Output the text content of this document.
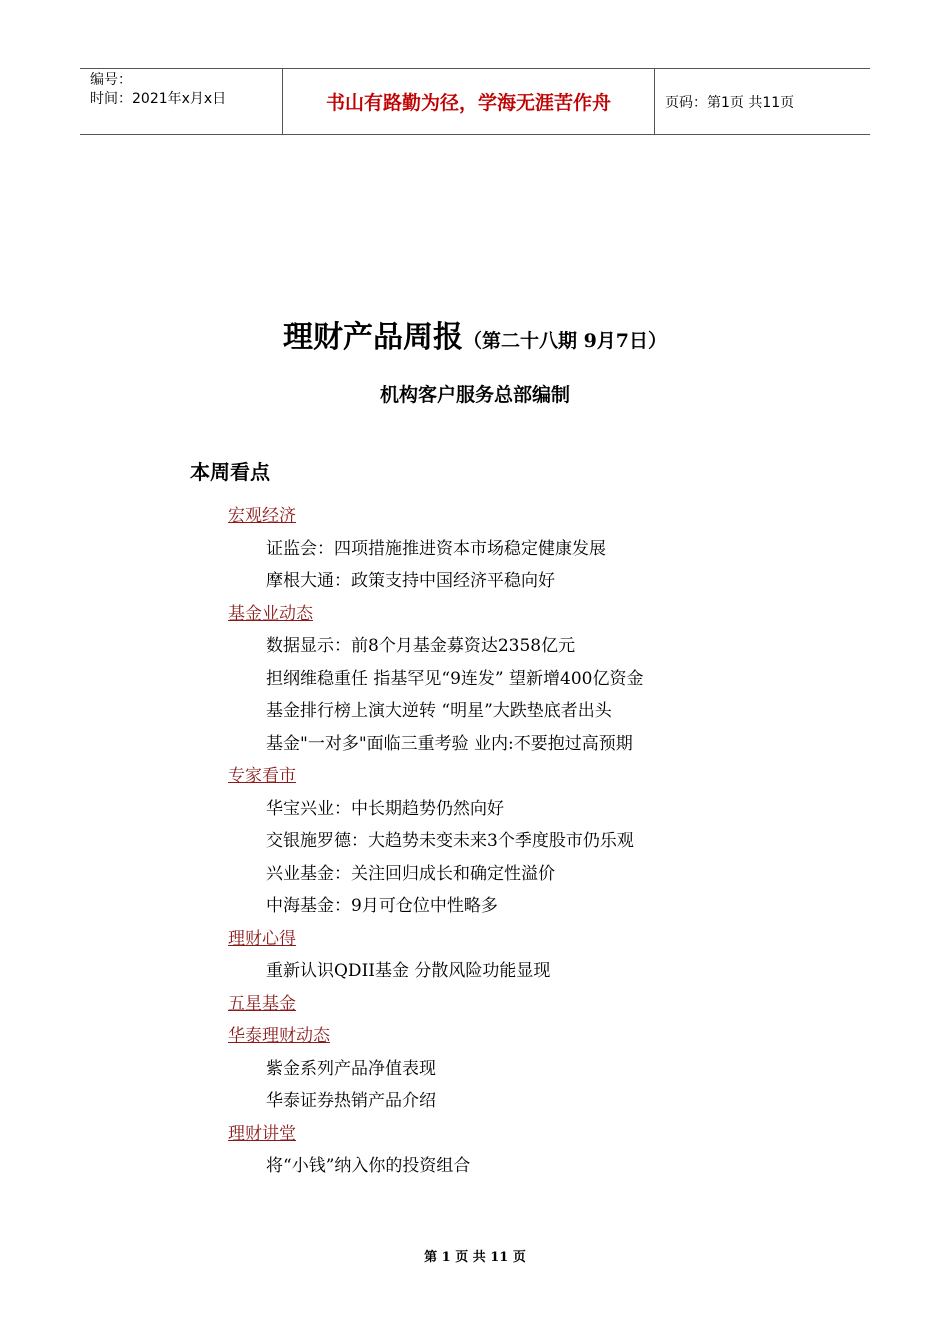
编号：
时间：2021年x月x日	书山有路勤为径，学海无涯苦作舟	页码：第1页 共11页
理财产品周报（第二十八期 9月7日）
机构客户服务总部编制
本周看点
宏观经济
证监会：四项措施推进资本市场稳定健康发展
摩根大通：政策支持中国经济平稳向好
基金业动态
数据显示：前8个月基金募资达2358亿元
担纲维稳重任 指基罕见“9连发” 望新增400亿资金
基金排行榜上演大逆转 “明星”大跌垫底者出头
基金"一对多"面临三重考验 业内:不要抱过高预期
专家看市
华宝兴业：中长期趋势仍然向好
交银施罗德：大趋势未变未来3个季度股市仍乐观
兴业基金：关注回归成长和确定性溢价
中海基金：9月可仓位中性略多
理财心得
重新认识QDII基金 分散风险功能显现
五星基金
华泰理财动态
紫金系列产品净值表现
华泰证券热销产品介绍
理财讲堂
将“小钱”纳入你的投资组合
第 1 页 共 11 页
